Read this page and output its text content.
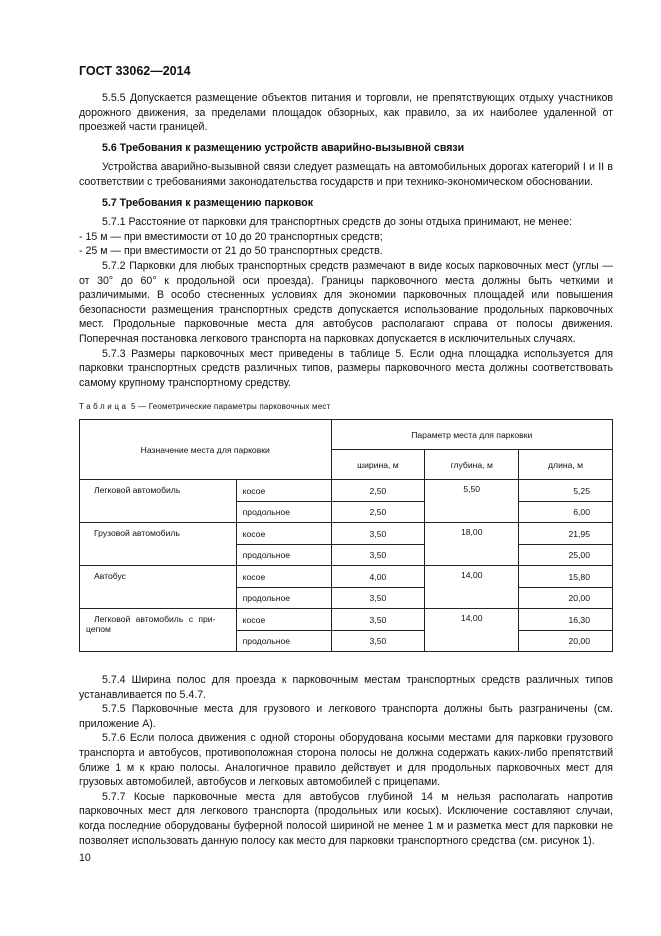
ГОСТ 33062—2014

5.5.5 Допускается размещение объектов питания и торговли, не препятствующих отдыху участников дорожного движения, за пределами площадок обзорных, как правило, за их наиболее удаленной от проезжей части границей.

5.6 Требования к размещению устройств аварийно-вызывной связи

Устройства аварийно-вызывной связи следует размещать на автомобильных дорогах категорий I и II в соответствии с требованиями законодательства государств и при технико-экономическом обосновании.

5.7 Требования к размещению парковок

5.7.1 Расстояние от парковки для транспортных средств до зоны отдыха принимают, не менее:

- 15 м — при вместимости от 10 до 20 транспортных средств;

- 25 м — при вместимости от 21 до 50 транспортных средств.

5.7.2 Парковки для любых транспортных средств размечают в виде косых парковочных мест (углы — от 30° до 60° к продольной оси проезда). Границы парковочного места должны быть четкими и различимыми. В особо стесненных условиях для экономии парковочных площадей или повышения безопасности размещения транспортных средств допускается использование продольных парковочных мест. Продольные парковочные места для автобусов располагают справа от полосы движения. Поперечная постановка легкового транспорта на парковках допускается в исключительных случаях.

5.7.3 Размеры парковочных мест приведены в таблице 5. Если одна площадка используется для парковки транспортных средств различных типов, размеры парковочного места должны соответствовать самому крупному транспортному средству.

Таблица 5 — Геометрические параметры парковочных мест
Назначение места для парковки		Параметр места для парковки		
		ширина, м	глубина, м	длина, м

Легковой автомобиль	косое	2,50	5,50	5,25
	продольное	2,50		6,00

Грузовой автомобиль	косое	3,50	18,00	21,95
	продольное	3,50		25,00

Автобус	косое	4,00	14,00	15,80
	продольное	3,50		20,00

Легковой автомобиль с при-
цепом	косое	3,50	14,00	16,30
	продольное	3,50		20,00

5.7.4 Ширина полос для проезда к парковочным местам транспортных средств различных типов устанавливается по 5.4.7.

5.7.5 Парковочные места для грузового и легкового транспорта должны быть разграничены (см. приложение А).

5.7.6 Если полоса движения с одной стороны оборудована косыми местами для парковки грузового транспорта и автобусов, противоположная сторона полосы не должна содержать каких-либо препятствий ближе 1 м к краю полосы. Аналогичное правило действует и для продольных парковочных мест для грузовых автомобилей, автобусов и легковых автомобилей с прицепами.

5.7.7 Косые парковочные места для автобусов глубиной 14 м нельзя располагать напротив парковочных мест для легкового транспорта (продольных или косых). Исключение составляют случаи, когда последние оборудованы буферной полосой шириной не менее 1 м и разметка мест для парковки не позволяет использовать данную полосу как место для парковки транспортного средства (см. рисунок 1).

10
